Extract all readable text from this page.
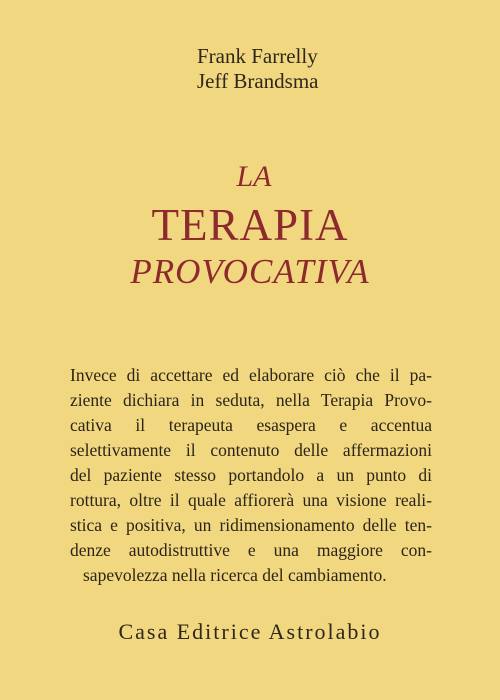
Frank Farrelly
Jeff Brandsma
LA
TERAPIA
PROVOCATIVA
Invece di accettare ed elaborare ciò che il pa-
ziente dichiara in seduta, nella Terapia Provo-
cativa il terapeuta esaspera e accentua
selettivamente il contenuto delle affermazioni
del paziente stesso portandolo a un punto di
rottura, oltre il quale affiorerà una visione reali-
stica e positiva, un ridimensionamento delle ten-
denze autodistruttive e una maggiore con-
sapevolezza nella ricerca del cambiamento.
Casa Editrice Astrolabio
